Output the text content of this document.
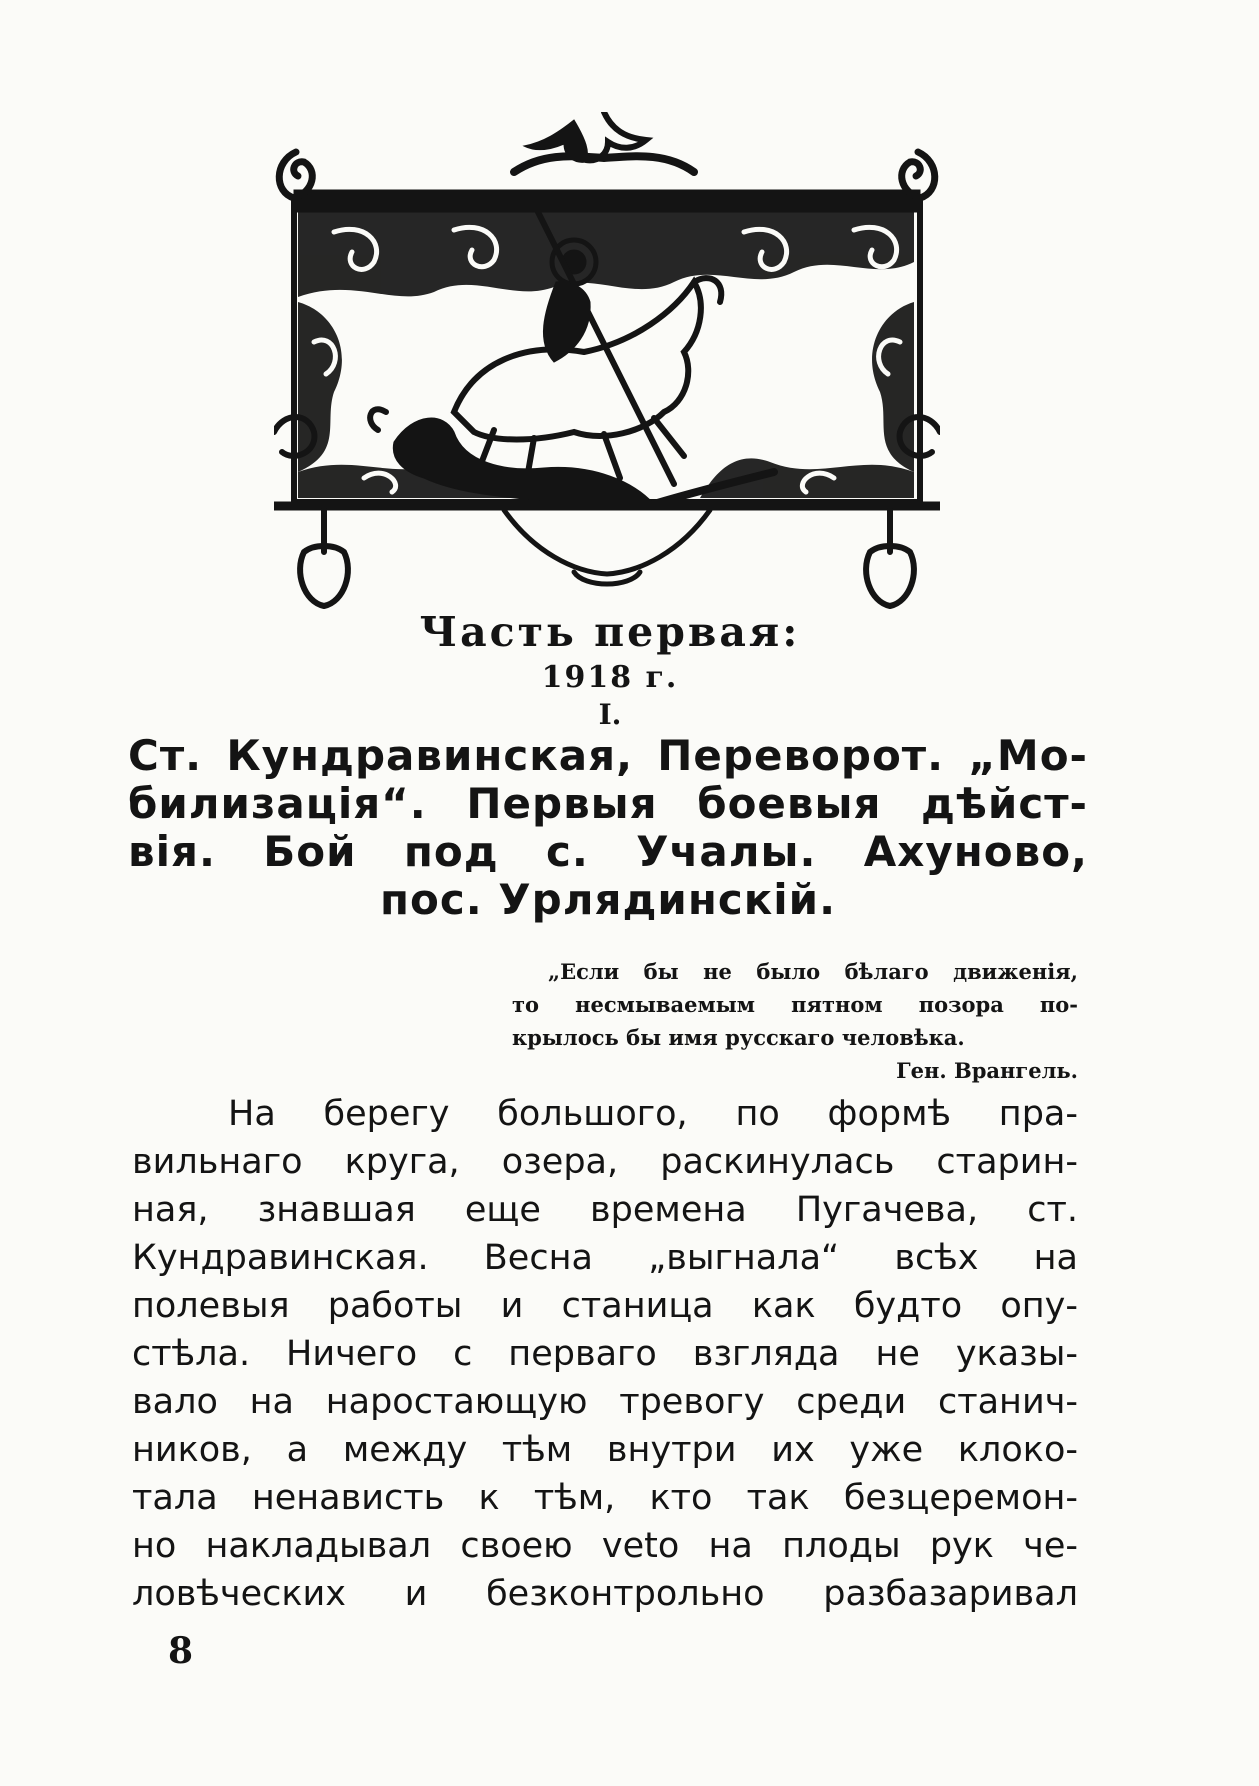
Часть первая:
1918 г.
I.
Ст. Кундравинская, Переворот. „Мо-
билизація“. Первыя боевыя дѣйст-
вія. Бой под с. Учалы. Ахуново,
пос. Урлядинскій.
„Если бы не было бѣлаго движенія,
то несмываемым пятном позора по-
крылось бы имя русскаго человѣка.
Ген. Врангель.
На берегу большого, по формѣ пра-
вильнаго круга, озера, раскинулась старин-
ная, знавшая еще времена Пугачева, ст.
Кундравинская. Весна „выгнала“ всѣх на
полевыя работы и станица как будто опу-
стѣла. Ничего с перваго взгляда не указы-
вало на наростающую тревогу среди станич-
ников, а между тѣм внутри их уже клоко-
тала ненависть к тѣм, кто так безцеремон-
но накладывал своею veto на плоды рук че-
ловѣческих и безконтрольно разбазаривал
8
